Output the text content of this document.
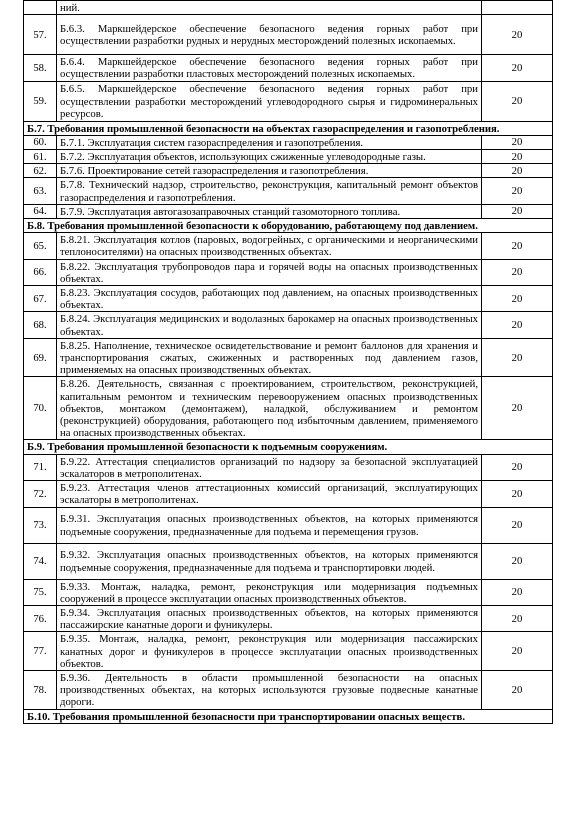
	ний.	
57.	Б.6.3. Маркшейдерское обеспечение безопасного ведения горных работ при осуществлении разработки рудных и нерудных месторождений полезных ископаемых.	20
58.	Б.6.4. Маркшейдерское обеспечение безопасного ведения горных работ при осуществлении разработки пластовых месторождений полезных ископаемых.	20
59.	Б.6.5. Маркшейдерское обеспечение безопасного ведения горных работ при осуществлении разработки месторождений углеводородного сырья и гидроминеральных ресурсов.	20
Б.7. Требования промышленной безопасности на объектах газораспределения и газопотребления.		
60.	Б.7.1. Эксплуатация систем газораспределения и газопотребления.	20
61.	Б.7.2. Эксплуатация объектов, использующих сжиженные углеводородные газы.	20
62.	Б.7.6. Проектирование сетей газораспределения и газопотребления.	20
63.	Б.7.8. Технический надзор, строительство, реконструкция, капитальный ремонт объектов газораспределения и газопотребления.	20
64.	Б.7.9. Эксплуатация автогазозаправочных станций газомоторного топлива.	20
Б.8. Требования промышленной безопасности к оборудованию, работающему под давлением.		
65.	Б.8.21. Эксплуатация котлов (паровых, водогрейных, с органическими и неорганическими теплоносителями) на опасных производственных объектах.	20
66.	Б.8.22. Эксплуатация трубопроводов пара и горячей воды на опасных производственных объектах.	20
67.	Б.8.23. Эксплуатация сосудов, работающих под давлением, на опасных производственных объектах.	20
68.	Б.8.24. Эксплуатация медицинских и водолазных барокамер на опасных производственных объектах.	20
69.	Б.8.25. Наполнение, техническое освидетельствование и ремонт баллонов для хранения и транспортирования сжатых, сжиженных и растворенных под давлением газов, применяемых на опасных производственных объектах.	20
70.	Б.8.26. Деятельность, связанная с проектированием, строительством, реконструкцией, капитальным ремонтом и техническим перевооружением опасных производственных объектов, монтажом (демонтажем), наладкой, обслуживанием и ремонтом (реконструкцией) оборудования, работающего под избыточным давлением, применяемого на опасных производственных объектах.	20
Б.9. Требования промышленной безопасности к подъемным сооружениям.		
71.	Б.9.22. Аттестация специалистов организаций по надзору за безопасной эксплуатацией эскалаторов в метрополитенах.	20
72.	Б.9.23. Аттестация членов аттестационных комиссий организаций, эксплуатирующих эскалаторы в метрополитенах.	20
73.	Б.9.31. Эксплуатация опасных производственных объектов, на которых применяются подъемные сооружения, предназначенные для подъема и перемещения грузов.	20
74.	Б.9.32. Эксплуатация опасных производственных объектов, на которых применяются подъемные сооружения, предназначенные для подъема и транспортировки людей.	20
75.	Б.9.33. Монтаж, наладка, ремонт, реконструкция или модернизация подъемных сооружений в процессе эксплуатации опасных производственных объектов.	20
76.	Б.9.34. Эксплуатация опасных производственных объектов, на которых применяются пассажирские канатные дороги и фуникулеры.	20
77.	Б.9.35. Монтаж, наладка, ремонт, реконструкция или модернизация пассажирских канатных дорог и фуникулеров в процессе эксплуатации опасных производственных объектов.	20
78.	Б.9.36. Деятельность в области промышленной безопасности на опасных производственных объектах, на которых используются грузовые подвесные канатные дороги.	20
Б.10. Требования промышленной безопасности при транспортировании опасных веществ.		
